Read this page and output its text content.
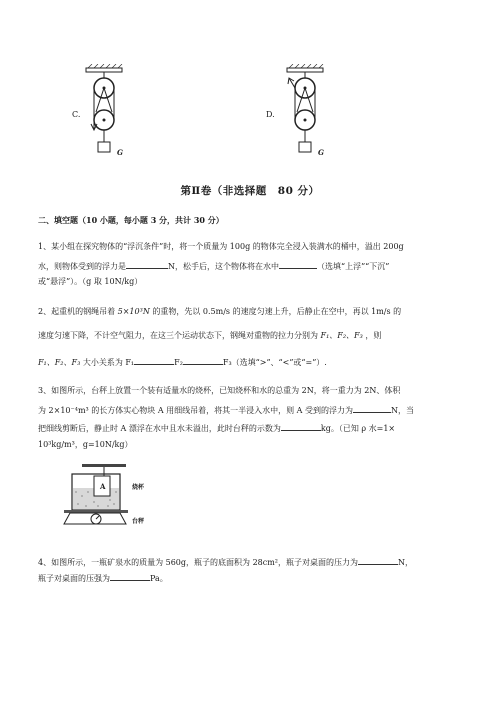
C.
G
D.
G
第Ⅱ卷（非选择题　80 分）
二、填空题（10 小题，每小题 3 分，共计 30 分）
1、某小组在探究物体的“浮沉条件”时，将一个质量为 100g 的物体完全浸入装满水的桶中，溢出 200g
水，则物体受到的浮力是	N，松手后，这个物体将在水中	（选填“上浮”“下沉”
或“悬浮”）。（g 取 10N/kg）
2、起重机的钢绳吊着 5×10³N 的重物，先以 0.5m/s 的速度匀速上升，后静止在空中，再以 1m/s 的
速度匀速下降，不计空气阻力，在这三个运动状态下，钢绳对重物的拉力分别为 F₁、F₂、F₃ ，则
F₁、F₂、F₃ 大小关系为 F₁	F₂	F₃（选填“>”、“<”或“=”）.
3、如图所示，台秤上放置一个装有适量水的烧杯，已知烧杯和水的总重为 2N，将一重力为 2N、体积
为 2×10⁻⁴m³ 的长方体实心物块 A 用细线吊着，将其一半浸入水中，则 A 受到的浮力为	N，当
把细线剪断后，静止时 A 漂浮在水中且水未溢出，此时台秤的示数为	kg。（已知 ρ 水=1×
10³kg/m³，g=10N/kg）
A	烧杯
台秤
4、如图所示，一瓶矿泉水的质量为 560g，瓶子的底面积为 28cm²，瓶子对桌面的压力为	N，
瓶子对桌面的压强为	Pa。
